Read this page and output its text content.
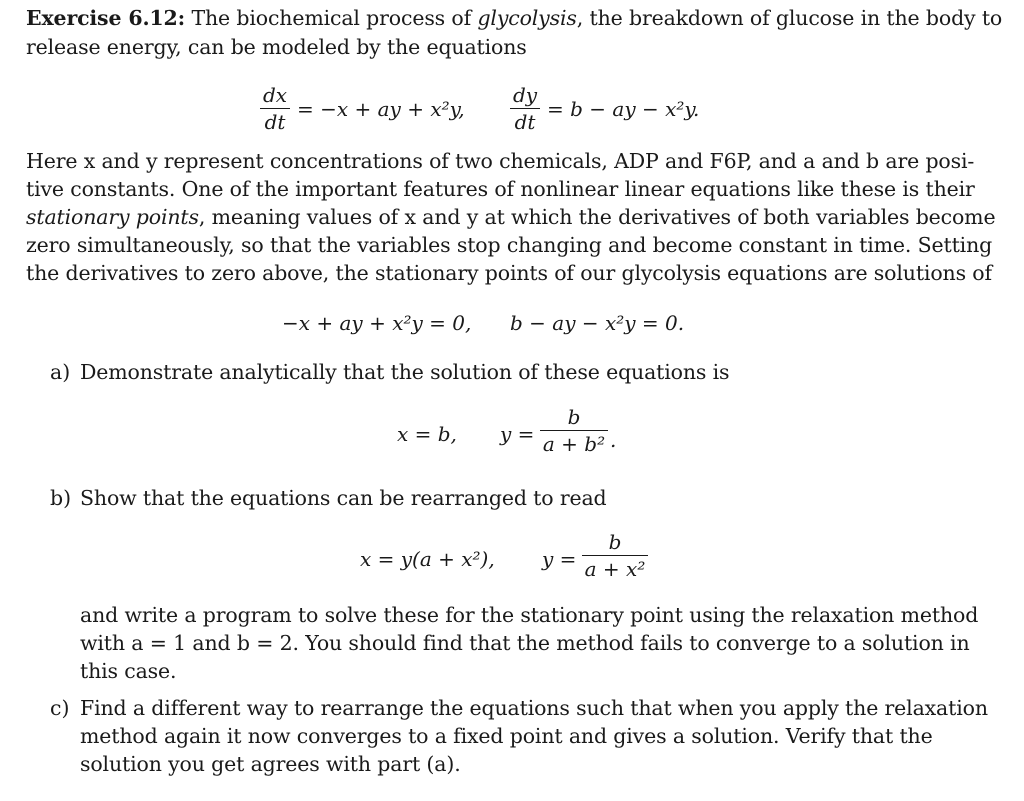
Exercise 6.12: The biochemical process of glycolysis, the breakdown of glucose in the body to
release energy, can be modeled by the equations
dx
dt
= −x + ay + x²y,
dy
dt
= b − ay − x²y.
Here x and y represent concentrations of two chemicals, ADP and F6P, and a and b are posi-
tive constants. One of the important features of nonlinear linear equations like these is their
stationary points, meaning values of x and y at which the derivatives of both variables become
zero simultaneously, so that the variables stop changing and become constant in time. Setting
the derivatives to zero above, the stationary points of our glycolysis equations are solutions of
−x + ay + x²y = 0, b − ay − x²y = 0.
a) Demonstrate analytically that the solution of these equations is
x = b, y =
b
a + b² .
b) Show that the equations can be rearranged to read
x = y(a + x²), y =
b
a + x²
and write a program to solve these for the stationary point using the relaxation method
with a = 1 and b = 2. You should find that the method fails to converge to a solution in
this case.
c) Find a different way to rearrange the equations such that when you apply the relaxation
method again it now converges to a fixed point and gives a solution. Verify that the
solution you get agrees with part (a).
